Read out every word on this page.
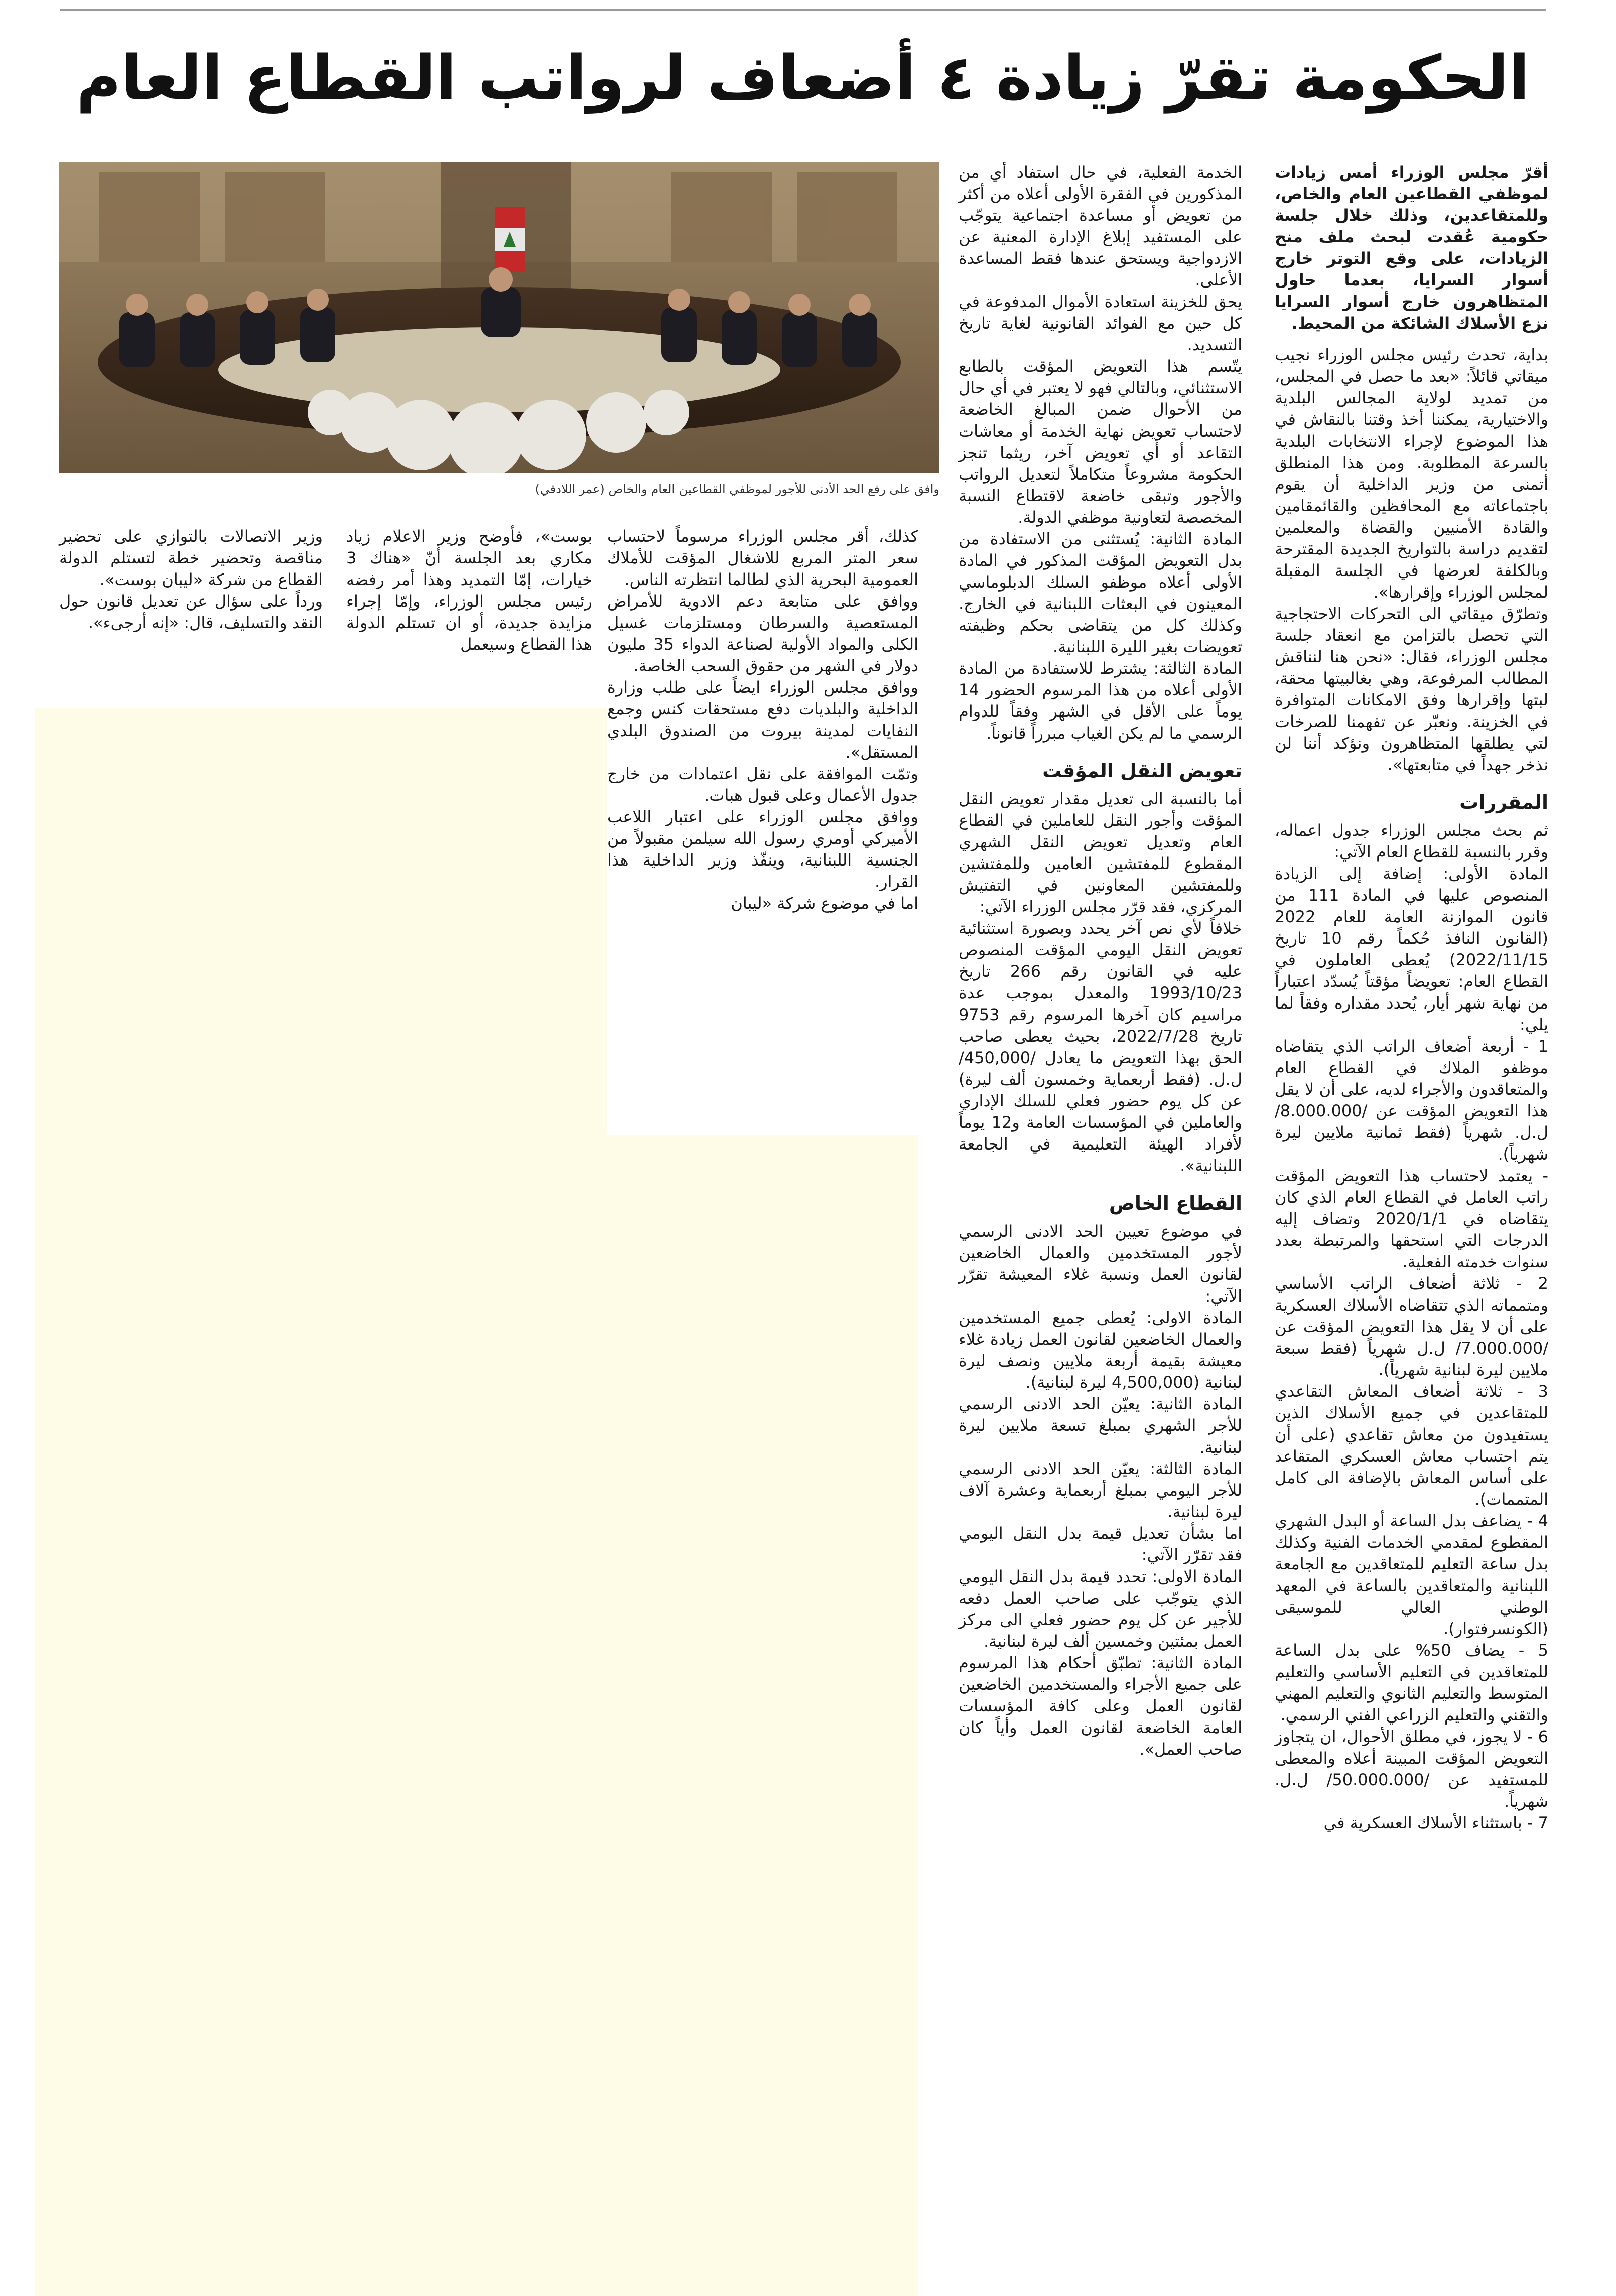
الحكومة تقرّ زيادة ٤ أضعاف لرواتب القطاع العام
وافق على رفع الحد الأدنى للأجور لموظفي القطاعين العام والخاص (عمر اللادقي)

أقرّ مجلس الوزراء أمس زيادات لموظفي القطاعين العام والخاص، وللمتقاعدين، وذلك خلال جلسة حكومية عُقدت لبحث ملف منح الزيادات، على وقع التوتر خارج أسوار السرايا، بعدما حاول المتظاهرون خارج أسوار السرايا نزع الأسلاك الشائكة من المحيط.

بداية، تحدث رئيس مجلس الوزراء نجيب ميقاتي قائلاً: «بعد ما حصل في المجلس، من تمديد لولاية المجالس البلدية والاختيارية، يمكننا أخذ وقتنا بالنقاش في هذا الموضوع لإجراء الانتخابات البلدية بالسرعة المطلوبة. ومن هذا المنطلق أتمنى من وزير الداخلية أن يقوم باجتماعاته مع المحافظين والقائمقامين والقادة الأمنيين والقضاة والمعلمين لتقديم دراسة بالتواريخ الجديدة المقترحة وبالكلفة لعرضها في الجلسة المقبلة لمجلس الوزراء وإقرارها».

وتطرّق ميقاتي الى التحركات الاحتجاجية التي تحصل بالتزامن مع انعقاد جلسة مجلس الوزراء، فقال: «نحن هنا لنناقش المطالب المرفوعة، وهي بغالبيتها محقة، لبتها وإقرارها وفق الامكانات المتوافرة في الخزينة. ونعبّر عن تفهمنا للصرخات لتي يطلقها المتظاهرون ونؤكد أننا لن نذخر جهداً في متابعتها».

المقررات

ثم بحث مجلس الوزراء جدول اعماله، وقرر بالنسبة للقطاع العام الآتي:

المادة الأولى: إضافة إلى الزيادة المنصوص عليها في المادة 111 من قانون الموازنة العامة للعام 2022 (القانون النافذ حُكماً رقم 10 تاريخ 2022/11/15) يُعطى العاملون في القطاع العام: تعويضاً مؤقتاً يُسدّد اعتباراً من نهاية شهر أيار، يُحدد مقداره وفقاً لما يلي:

1 - أربعة أضعاف الراتب الذي يتقاضاه موظفو الملاك في القطاع العام والمتعاقدون والأجراء لديه، على أن لا يقل هذا التعويض المؤقت عن /8.000.000/ ل.ل. شهرياً (فقط ثمانية ملايين ليرة شهرياً).

- يعتمد لاحتساب هذا التعويض المؤقت راتب العامل في القطاع العام الذي كان يتقاضاه في 2020/1/1 وتضاف إليه الدرجات التي استحقها والمرتبطة بعدد سنوات خدمته الفعلية.

2 - ثلاثة أضعاف الراتب الأساسي ومتمماته الذي تتقاضاه الأسلاك العسكرية على أن لا يقل هذا التعويض المؤقت عن /7.000.000/ ل.ل شهرياً (فقط سبعة ملايين ليرة لبنانية شهرياً).

3 - ثلاثة أضعاف المعاش التقاعدي للمتقاعدين في جميع الأسلاك الذين يستفيدون من معاش تقاعدي (على أن يتم احتساب معاش العسكري المتقاعد على أساس المعاش بالإضافة الى كامل المتممات).

4 - يضاعف بدل الساعة أو البدل الشهري المقطوع لمقدمي الخدمات الفنية وكذلك بدل ساعة التعليم للمتعاقدين مع الجامعة اللبنانية والمتعاقدين بالساعة في المعهد الوطني العالي للموسيقى (الكونسرفتوار).

5 - يضاف 50% على بدل الساعة للمتعاقدين في التعليم الأساسي والتعليم المتوسط والتعليم الثانوي والتعليم المهني والتقني والتعليم الزراعي الفني الرسمي.

6 - لا يجوز، في مطلق الأحوال، ان يتجاوز التعويض المؤقت المبينة أعلاه والمعطى للمستفيد عن /50.000.000/ ل.ل. شهرياً.

7 - باستثناء الأسلاك العسكرية في

الخدمة الفعلية، في حال استفاد أي من المذكورين في الفقرة الأولى أعلاه من أكثر من تعويض أو مساعدة اجتماعية يتوجّب على المستفيد إبلاغ الإدارة المعنية عن الازدواجية ويستحق عندها فقط المساعدة الأعلى.

يحق للخزينة استعادة الأموال المدفوعة في كل حين مع الفوائد القانونية لغاية تاريخ التسديد.

يتّسم هذا التعويض المؤقت بالطابع الاستثنائي، وبالتالي فهو لا يعتبر في أي حال من الأحوال ضمن المبالغ الخاضعة لاحتساب تعويض نهاية الخدمة أو معاشات التقاعد أو أي تعويض آخر، ريثما تنجز الحكومة مشروعاً متكاملاً لتعديل الرواتب والأجور وتبقى خاضعة لاقتطاع النسبة المخصصة لتعاونية موظفي الدولة.

المادة الثانية: يُستثنى من الاستفادة من بدل التعويض المؤقت المذكور في المادة الأولى أعلاه موظفو السلك الدبلوماسي المعينون في البعثات اللبنانية في الخارج. وكذلك كل من يتقاضى بحكم وظيفته تعويضات بغير الليرة اللبنانية.

المادة الثالثة: يشترط للاستفادة من المادة الأولى أعلاه من هذا المرسوم الحضور 14 يوماً على الأقل في الشهر وفقاً للدوام الرسمي ما لم يكن الغياب مبرراً قانوناً.

تعويض النقل المؤقت

أما بالنسبة الى تعديل مقدار تعويض النقل المؤقت وأجور النقل للعاملين في القطاع العام وتعديل تعويض النقل الشهري المقطوع للمفتشين العامين وللمفتشين وللمفتشين المعاونين في التفتيش المركزي، فقد قرّر مجلس الوزراء الآتي:

خلافاً لأي نص آخر يحدد وبصورة استثنائية تعويض النقل اليومي المؤقت المنصوص عليه في القانون رقم 266 تاريخ 1993/10/23 والمعدل بموجب عدة مراسيم كان آخرها المرسوم رقم 9753 تاريخ 2022/7/28، بحيث يعطى صاحب الحق بهذا التعويض ما يعادل /450,000/ ل.ل. (فقط أربعماية وخمسون ألف ليرة) عن كل يوم حضور فعلي للسلك الإداري والعاملين في المؤسسات العامة و12 يوماً لأفراد الهيئة التعليمية في الجامعة اللبنانية».

القطاع الخاص

في موضوع تعيين الحد الادنى الرسمي لأجور المستخدمين والعمال الخاضعين لقانون العمل ونسبة غلاء المعيشة تقرّر الآتي:

المادة الاولى: يُعطى جميع المستخدمين والعمال الخاضعين لقانون العمل زيادة غلاء معيشة بقيمة أربعة ملايين ونصف ليرة لبنانية (4,500,000 ليرة لبنانية).

المادة الثانية: يعيّن الحد الادنى الرسمي للأجر الشهري بمبلغ تسعة ملايين ليرة لبنانية.

المادة الثالثة: يعيّن الحد الادنى الرسمي للأجر اليومي بمبلغ أربعماية وعشرة آلاف ليرة لبنانية.

اما بشأن تعديل قيمة بدل النقل اليومي فقد تقرّر الآتي:

المادة الاولى: تحدد قيمة بدل النقل اليومي الذي يتوجّب على صاحب العمل دفعه للأجير عن كل يوم حضور فعلي الى مركز العمل بمئتين وخمسين ألف ليرة لبنانية.

المادة الثانية: تطبّق أحكام هذا المرسوم على جميع الأجراء والمستخدمين الخاضعين لقانون العمل وعلى كافة المؤسسات العامة الخاضعة لقانون العمل وأياً كان صاحب العمل».

كذلك، أقر مجلس الوزراء مرسوماً لاحتساب سعر المتر المربع للاشغال المؤقت للأملاك العمومية البحرية الذي لطالما انتظرته الناس.

ووافق على متابعة دعم الادوية للأمراض المستعصية والسرطان ومستلزمات غسيل الكلى والمواد الأولية لصناعة الدواء 35 مليون دولار في الشهر من حقوق السحب الخاصة.

ووافق مجلس الوزراء ايضاً على طلب وزارة الداخلية والبلديات دفع مستحقات كنس وجمع النفايات لمدينة بيروت من الصندوق البلدي المستقل».

وتمّت الموافقة على نقل اعتمادات من خارج جدول الأعمال وعلى قبول هبات.

ووافق مجلس الوزراء على اعتبار اللاعب الأميركي أومري رسول الله سيلمن مقبولاً من الجنسية اللبنانية، وينفّذ وزير الداخلية هذا القرار.

اما في موضوع شركة «ليبان

بوست»، فأوضح وزير الاعلام زياد مكاري بعد الجلسة أنّ «هناك 3 خيارات، إمّا التمديد وهذا أمر رفضه رئيس مجلس الوزراء، وإمّا إجراء مزايدة جديدة، أو ان تستلم الدولة هذا القطاع وسيعمل

وزير الاتصالات بالتوازي على تحضير مناقصة وتحضير خطة لتستلم الدولة القطاع من شركة «ليبان بوست».

ورداً على سؤال عن تعديل قانون حول النقد والتسليف، قال: «إنه أرجىء».
